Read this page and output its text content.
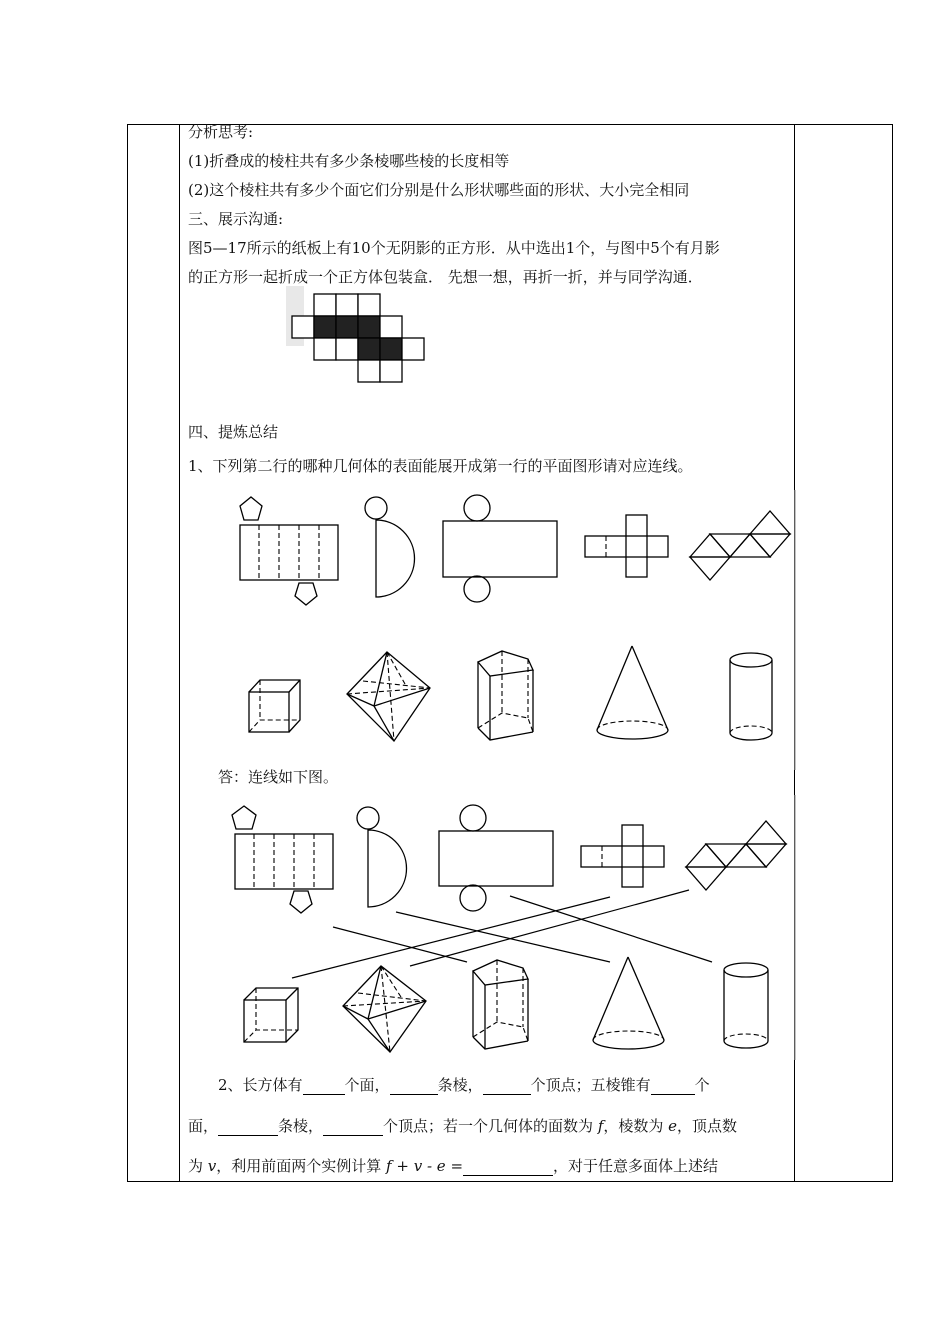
分析思考:
(1)折叠成的棱柱共有多少条棱哪些棱的长度相等
(2)这个棱柱共有多少个面它们分别是什么形状哪些面的形状、大小完全相同
三、展示沟通:
图5—17所示的纸板上有10个无阴影的正方形．从中选出1个，与图中5个有月影
的正方形一起折成一个正方体包装盒． 先想一想，再折一折，并与同学沟通．
四、提炼总结
1、下列第二行的哪种几何体的表面能展开成第一行的平面图形请对应连线。
答：连线如下图。
2、长方体有	个面，	条棱，	个顶点；五棱锥有	个
面，	条棱，	个顶点；若一个几何体的面数为 f，棱数为 e，顶点数
为 v，利用前面两个实例计算 f + v - e =	，对于任意多面体上述结
